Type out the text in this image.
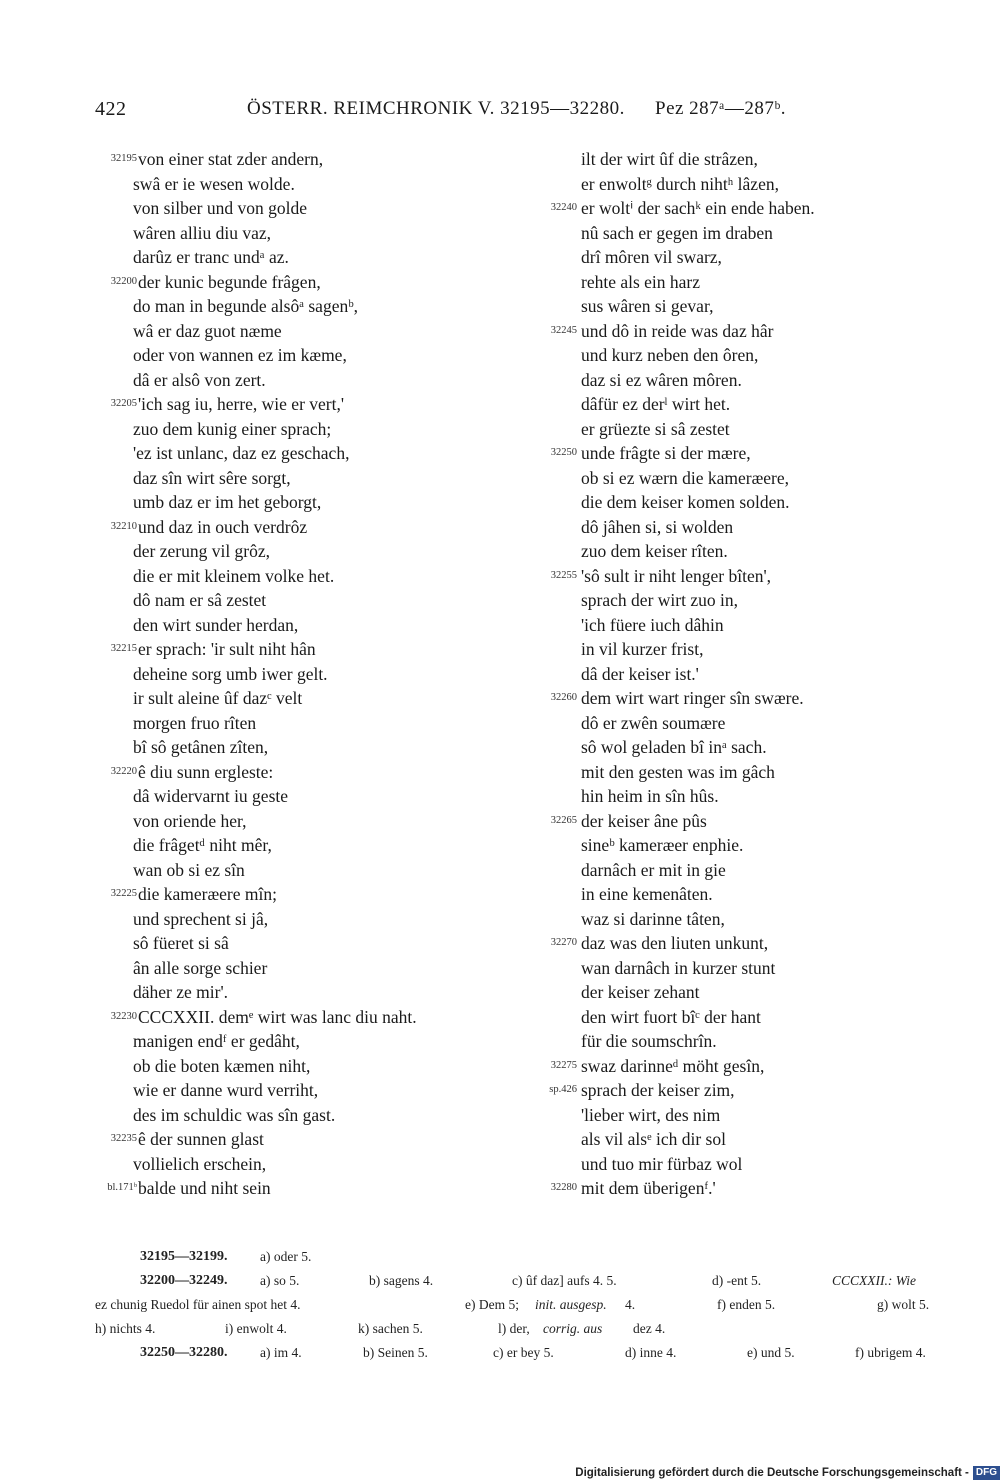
422	ÖSTERR. REIMCHRONIK V. 32195—32280. Pez 287ᵃ—287ᵇ.
32195 von einer stat zder andern,
swâ er ie wesen wolde.
von silber und von golde
wâren alliu diu vaz,
darûz er tranc undᵃ az.
32200 der kunic begunde frâgen,
do man in begunde alsôᵃ sagenᵇ,
wâ er daz guot næme
oder von wannen ez im kæme,
dâ er alsô von zert.
32205 'ich sag iu, herre, wie er vert,'
zuo dem kunig einer sprach;
'ez ist unlanc, daz ez geschach,
daz sîn wirt sêre sorgt,
umb daz er im het geborgt,
32210 und daz in ouch verdrôz
der zerung vil grôz,
die er mit kleinem volke het.
dô nam er sâ zestet
den wirt sunder herdan,
32215 er sprach: 'ir sult niht hân
deheine sorg umb iwer gelt.
ir sult aleine ûf dazᶜ velt
morgen fruo rîten
bî sô getânen zîten,
32220 ê diu sunn ergleste:
dâ widervarnt iu geste
von oriende her,
die frâgetᵈ niht mêr,
wan ob si ez sîn
32225 die kameræere mîn;
und sprechent si jâ,
sô füeret si sâ
ân alle sorge schier
däher ze mir'.
32230 CCCXXII. demᵉ wirt was lanc diu naht.
manigen endᶠ er gedâht,
ob die boten kæmen niht,
wie er danne wurd verriht,
des im schuldic was sîn gast.
32235 ê der sunnen glast
vollielich erschein,
bl.171ᵇ balde und niht sein
ilt der wirt ûf die strâzen,
er enwoltᵍ durch nihtʰ lâzen,
32240 er woltⁱ der sachᵏ ein ende haben.
nû sach er gegen im draben
drî môren vil swarz,
rehte als ein harz
sus wâren si gevar,
32245 und dô in reide was daz hâr
und kurz neben den ôren,
daz si ez wâren môren.
dâfür ez derˡ wirt het.
er grüezte si sâ zestet
32250 unde frâgte si der mære,
ob si ez wærn die kameræere,
die dem keiser komen solden.
dô jâhen si, si wolden
zuo dem keiser rîten.
32255 'sô sult ir niht lenger bîten',
sprach der wirt zuo in,
'ich füere iuch dâhin
in vil kurzer frist,
dâ der keiser ist.'
32260 dem wirt wart ringer sîn swære.
dô er zwên soumære
sô wol geladen bî inᵃ sach.
mit den gesten was im gâch
hin heim in sîn hûs.
32265 der keiser âne pûs
sineᵇ kameræer enphie.
darnâch er mit in gie
in eine kemenâten.
waz si darinne tâten,
32270 daz was den liuten unkunt,
wan darnâch in kurzer stunt
der keiser zehant
den wirt fuort bîᶜ der hant
für die soumschrîn.
32275 swaz darinneᵈ möht gesîn,
sp.426 sprach der keiser zim,
'lieber wirt, des nim
als vil alsᵉ ich dir sol
und tuo mir fürbaz wol
32280 mit dem überigenᶠ.'
32195—32199. a) oder 5.
32200—32249. a) so 5.	b) sagens 4.	c) ûf daz] aufs 4. 5.	d) -ent 5.	CCCXXII.: Wie
ez chunig Ruedol für ainen spot het 4.	e) Dem 5; init. ausgesp. 4.	f) enden 5.	g) wolt 5.
h) nichts 4.	i) enwolt 4.	k) sachen 5.	l) der, corrig. aus dez 4.
32250—32280. a) im 4.	b) Seinen 5.	c) er bey 5.	d) inne 4.	e) und 5.	f) ubrigem 4.
Digitalisierung gefördert durch die Deutsche Forschungsgemeinschaft - DFG
